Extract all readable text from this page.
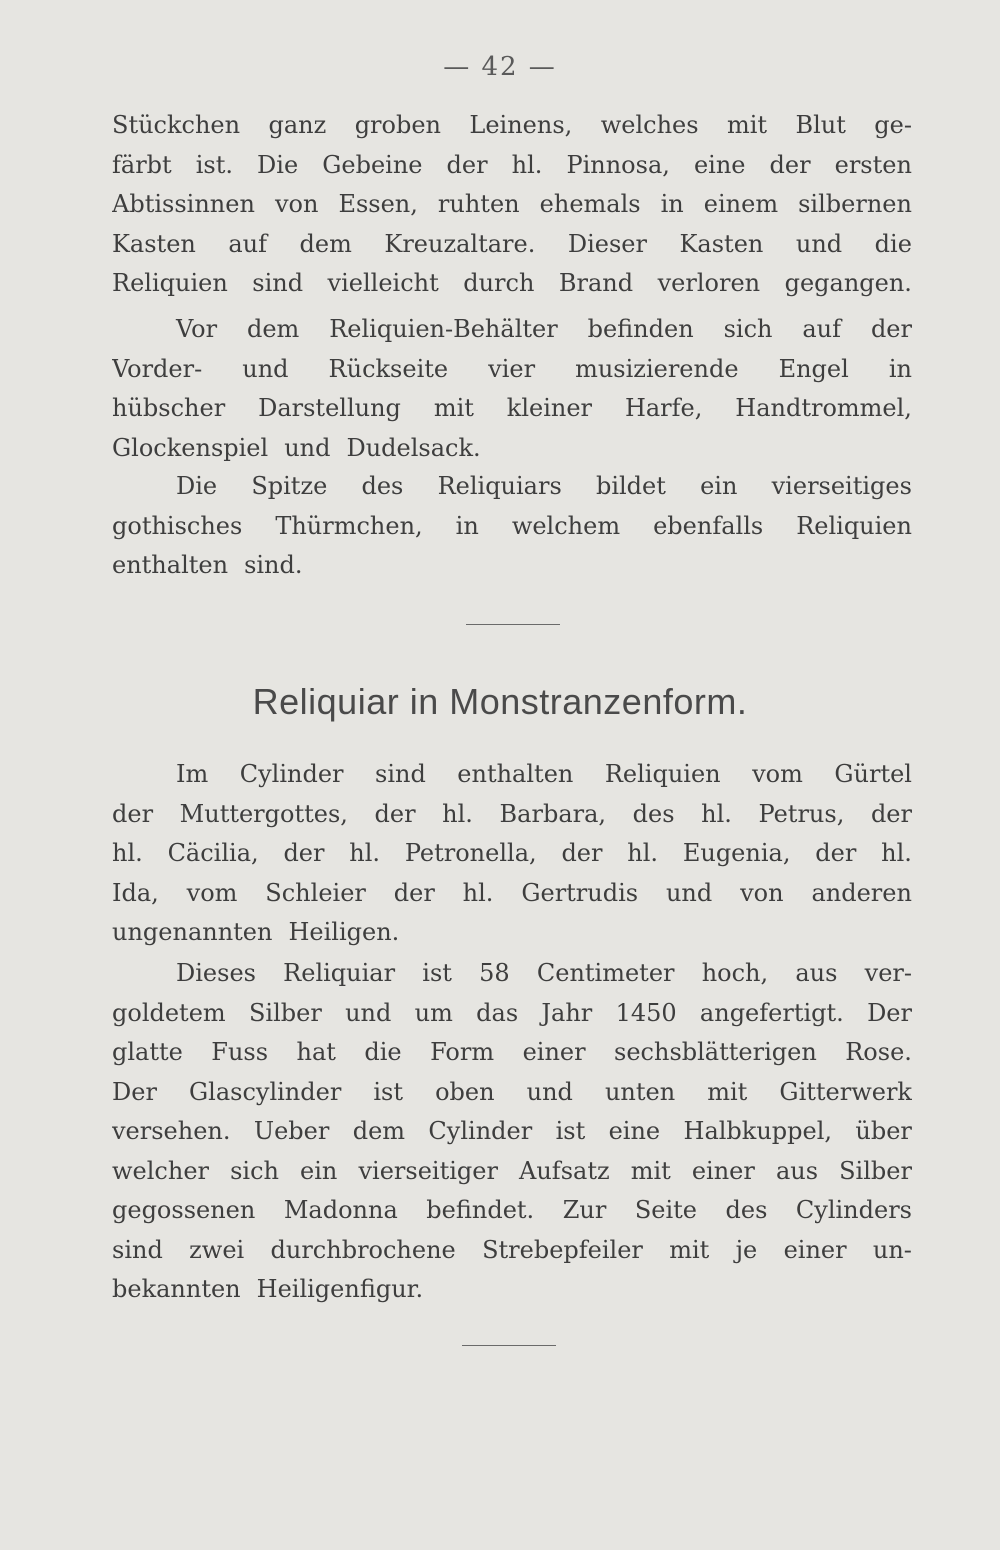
— 42 —
Stückchen ganz groben Leinens, welches mit Blut ge-
färbt ist. Die Gebeine der hl. Pinnosa, eine der ersten
Abtissinnen von Essen, ruhten ehemals in einem silbernen
Kasten auf dem Kreuzaltare. Dieser Kasten und die
Reliquien sind vielleicht durch Brand verloren gegangen.
Vor dem Reliquien-Behälter befinden sich auf der
Vorder- und Rückseite vier musizierende Engel in
hübscher Darstellung mit kleiner Harfe, Handtrommel,
Glockenspiel und Dudelsack.
Die Spitze des Reliquiars bildet ein vierseitiges
gothisches Thürmchen, in welchem ebenfalls Reliquien
enthalten sind.
Reliquiar in Monstranzenform.
Im Cylinder sind enthalten Reliquien vom Gürtel
der Muttergottes, der hl. Barbara, des hl. Petrus, der
hl. Cäcilia, der hl. Petronella, der hl. Eugenia, der hl.
Ida, vom Schleier der hl. Gertrudis und von anderen
ungenannten Heiligen.
Dieses Reliquiar ist 58 Centimeter hoch, aus ver-
goldetem Silber und um das Jahr 1450 angefertigt. Der
glatte Fuss hat die Form einer sechsblätterigen Rose.
Der Glascylinder ist oben und unten mit Gitterwerk
versehen. Ueber dem Cylinder ist eine Halbkuppel, über
welcher sich ein vierseitiger Aufsatz mit einer aus Silber
gegossenen Madonna befindet. Zur Seite des Cylinders
sind zwei durchbrochene Strebepfeiler mit je einer un-
bekannten Heiligenfigur.
